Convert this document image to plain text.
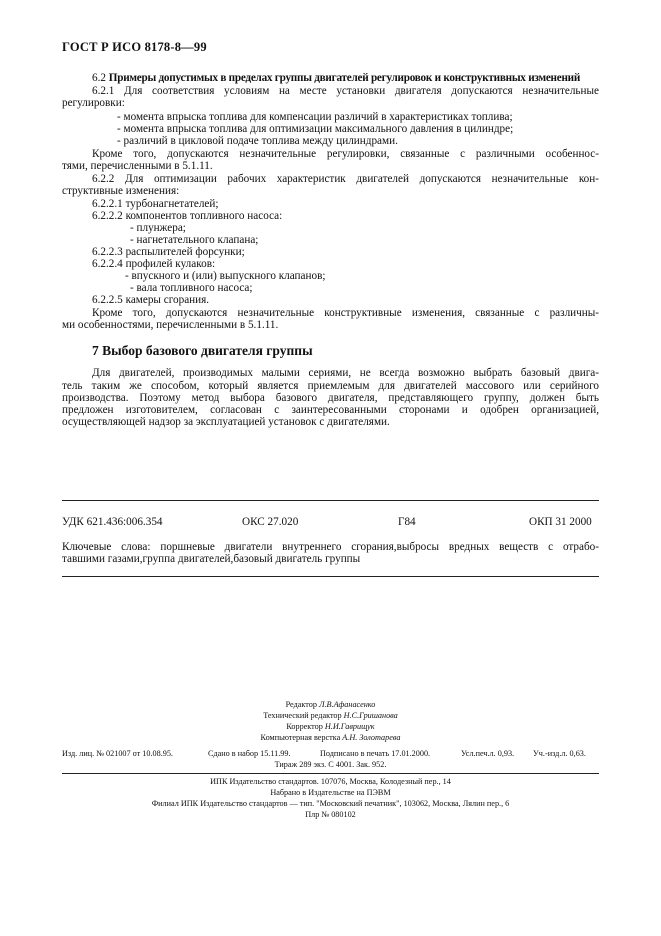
ГОСТ Р ИСО 8178-8—99
6.2 Примеры допустимых в пределах группы двигателей регулировок и конструктивных изменений
6.2.1 Для соответствия условиям на месте установки двигателя допускаются незначительные
регулировки:
- момента впрыска топлива для компенсации различий в характеристиках топлива;
- момента впрыска топлива для оптимизации максимального давления в цилиндре;
- различий в цикловой подаче топлива между цилиндрами.
Кроме того, допускаются незначительные регулировки, связанные с различными особеннос-
тями, перечисленными в 5.1.11.
6.2.2 Для оптимизации рабочих характеристик двигателей допускаются незначительные кон-
структивные изменения:
6.2.2.1 турбонагнетателей;
6.2.2.2 компонентов топливного насоса:
- плунжера;
- нагнетательного клапана;
6.2.2.3 распылителей форсунки;
6.2.2.4 профилей кулаков:
- впускного и (или) выпускного клапанов;
- вала топливного насоса;
6.2.2.5 камеры сгорания.
Кроме того, допускаются незначительные конструктивные изменения, связанные с различны-
ми особенностями, перечисленными в 5.1.11.
7 Выбор базового двигателя группы
Для двигателей, производимых малыми сериями, не всегда возможно выбрать базовый двига-
тель таким же способом, который является приемлемым для двигателей массового или серийного
производства. Поэтому метод выбора базового двигателя, представляющего группу, должен быть
предложен изготовителем, согласован с заинтересованными сторонами и одобрен организацией,
осуществляющей надзор за эксплуатацией установок с двигателями.
УДК 621.436:006.354	ОКС 27.020	Г84	ОКП 31 2000
Ключевые слова: поршневые двигатели внутреннего сгорания,выбросы вредных веществ с отрабо-
тавшими газами,группа двигателей,базовый двигатель группы
Редактор Л.В.Афанасенко
Технический редактор Н.С.Гришанова
Корректор Н.И.Гаврищук
Компьютерная верстка А.Н. Золотарева
Изд. лиц. № 021007 от 10.08.95.	Сдано в набор 15.11.99.	Подписано в печать 17.01.2000.	Усл.печ.л. 0,93. Уч.-изд.л. 0,63.
Тираж 289 экз. С 4001. Зак. 952.
ИПК Издательство стандартов. 107076, Москва, Колодезный пер., 14
Набрано в Издательстве на ПЭВМ
Филиал ИПК Издательство стандартов — тип. "Московский печатник", 103062, Москва, Лялин пер., 6
Плр № 080102
